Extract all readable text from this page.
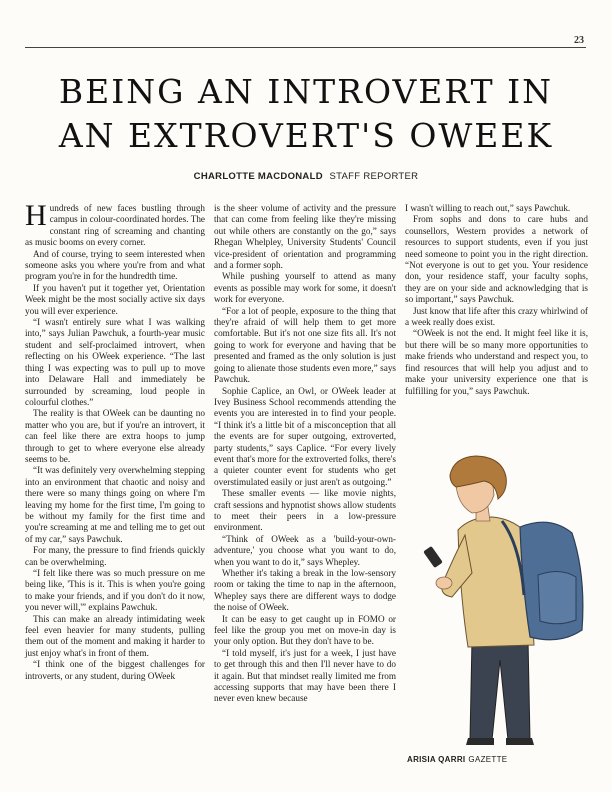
23
BEING AN INTROVERT IN
AN EXTROVERT'S OWEEK
CHARLOTTE MACDONALD STAFF REPORTER

Hundreds of new faces bustling through campus in colour-coordinated hordes. The constant ring of screaming and chanting as music booms on every corner.

And of course, trying to seem interested when someone asks you where you're from and what program you're in for the hundredth time.

If you haven't put it together yet, Orientation Week might be the most socially active six days you will ever experience.

“I wasn't entirely sure what I was walking into,” says Julian Pawchuk, a fourth-year music student and self-proclaimed introvert, when reflecting on his OWeek experience. “The last thing I was expecting was to pull up to move into Delaware Hall and immediately be surrounded by screaming, loud people in colourful clothes.”

The reality is that OWeek can be daunting no matter who you are, but if you're an introvert, it can feel like there are extra hoops to jump through to get to where everyone else already seems to be.

“It was definitely very overwhelming stepping into an environment that chaotic and noisy and there were so many things going on where I'm leaving my home for the first time, I'm going to be without my family for the first time and you're screaming at me and telling me to get out of my car,” says Pawchuk.

For many, the pressure to find friends quickly can be overwhelming.

“I felt like there was so much pressure on me being like, 'This is it. This is when you're going to make your friends, and if you don't do it now, you never will,'” explains Pawchuk.

This can make an already intimidating week feel even heavier for many students, pulling them out of the moment and making it harder to just enjoy what's in front of them.

“I think one of the biggest challenges for introverts, or any student, during OWeek

is the sheer volume of activity and the pressure that can come from feeling like they're missing out while others are constantly on the go,” says Rhegan Whelpley, University Students' Council vice-president of orientation and programming and a former soph.

While pushing yourself to attend as many events as possible may work for some, it doesn't work for everyone.

“For a lot of people, exposure to the thing that they're afraid of will help them to get more comfortable. But it's not one size fits all. It's not going to work for everyone and having that be presented and framed as the only solution is just going to alienate those students even more,” says Pawchuk.

Sophie Caplice, an Owl, or OWeek leader at Ivey Business School recommends attending the events you are interested in to find your people. “I think it's a little bit of a misconception that all the events are for super outgoing, extroverted, party students,” says Caplice. “For every lively event that's more for the extroverted folks, there's a quieter counter event for students who get overstimulated easily or just aren't as outgoing.”

These smaller events — like movie nights, craft sessions and hypnotist shows allow students to meet their peers in a low-pressure environment.

“Think of OWeek as a 'build-your-own-adventure,' you choose what you want to do, when you want to do it,” says Whepley.

Whether it's taking a break in the low-sensory room or taking the time to nap in the afternoon, Whepley says there are different ways to dodge the noise of OWeek.

It can be easy to get caught up in FOMO or feel like the group you met on move-in day is your only option. But they don't have to be.

“I told myself, it's just for a week, I just have to get through this and then I'll never have to do it again. But that mindset really limited me from accessing supports that may have been there I never even knew because

I wasn't willing to reach out,” says Pawchuk.

From sophs and dons to care hubs and counsellors, Western provides a network of resources to support students, even if you just need someone to point you in the right direction. “Not everyone is out to get you. Your residence don, your residence staff, your faculty sophs, they are on your side and acknowledging that is so important,” says Pawchuk.

Just know that life after this crazy whirlwind of a week really does exist.

“OWeek is not the end. It might feel like it is, but there will be so many more opportunities to make friends who understand and respect you, to find resources that will help you adjust and to make your university experience one that is fulfilling for you,” says Pawchuk.

ARISIA QARRI GAZETTE
